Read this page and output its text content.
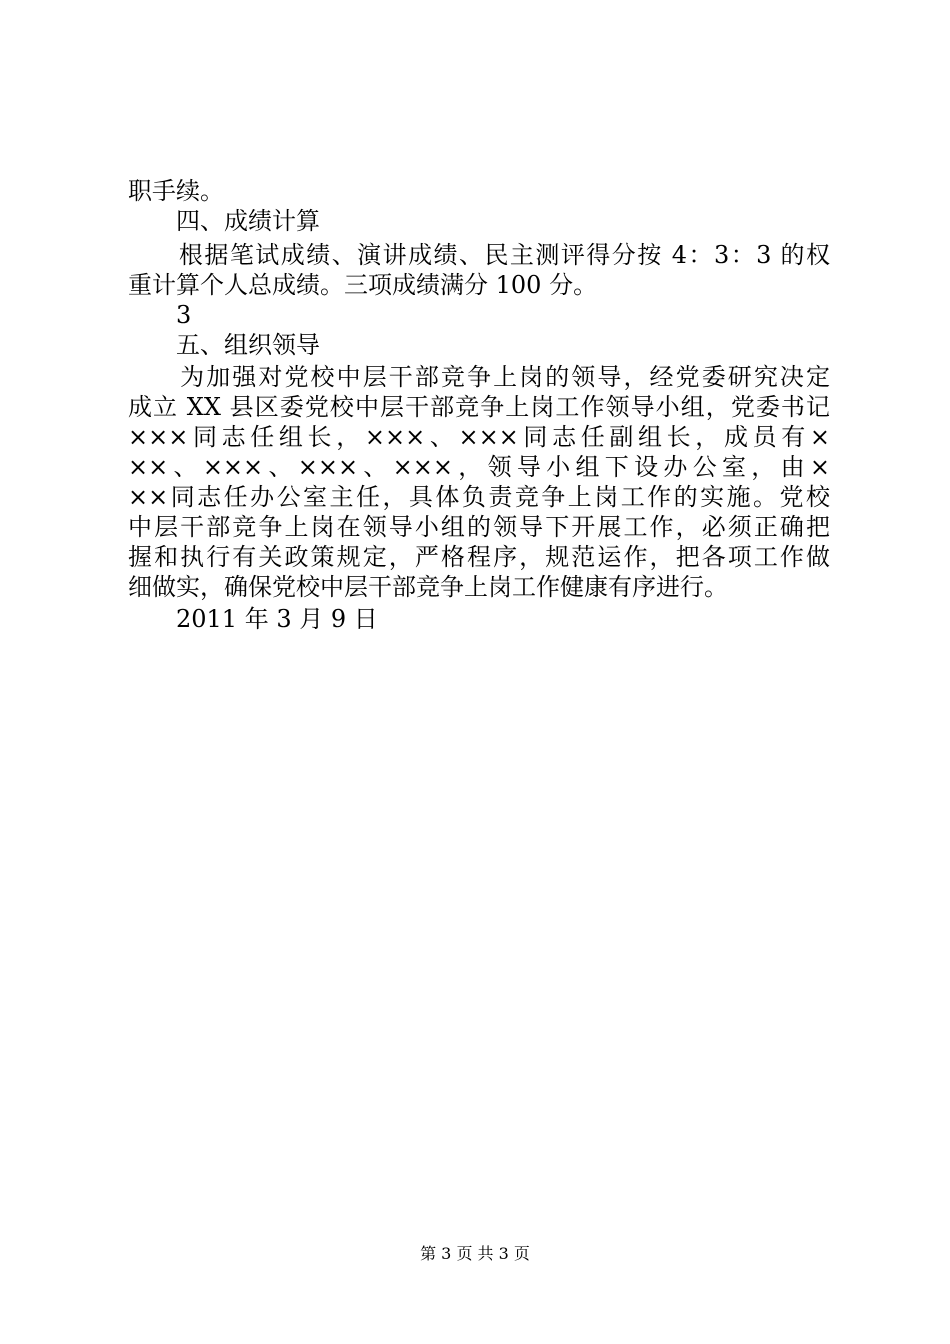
职手续。
　　四、成绩计算
　　根据笔试成绩、演讲成绩、民主测评得分按 4：3：3 的权
重计算个人总成绩。三项成绩满分 100 分。
　　3
　　五、组织领导
　　为加强对党校中层干部竞争上岗的领导，经党委研究决定
成立 XX 县区委党校中层干部竞争上岗工作领导小组，党委书记
×××同志任组长，×××、×××同志任副组长，成员有×
××、×××、×××、×××，领导小组下设办公室，由×
××同志任办公室主任，具体负责竞争上岗工作的实施。党校
中层干部竞争上岗在领导小组的领导下开展工作，必须正确把
握和执行有关政策规定，严格程序，规范运作，把各项工作做
细做实，确保党校中层干部竞争上岗工作健康有序进行。
　　2011 年 3 月 9 日
第 3 页 共 3 页
